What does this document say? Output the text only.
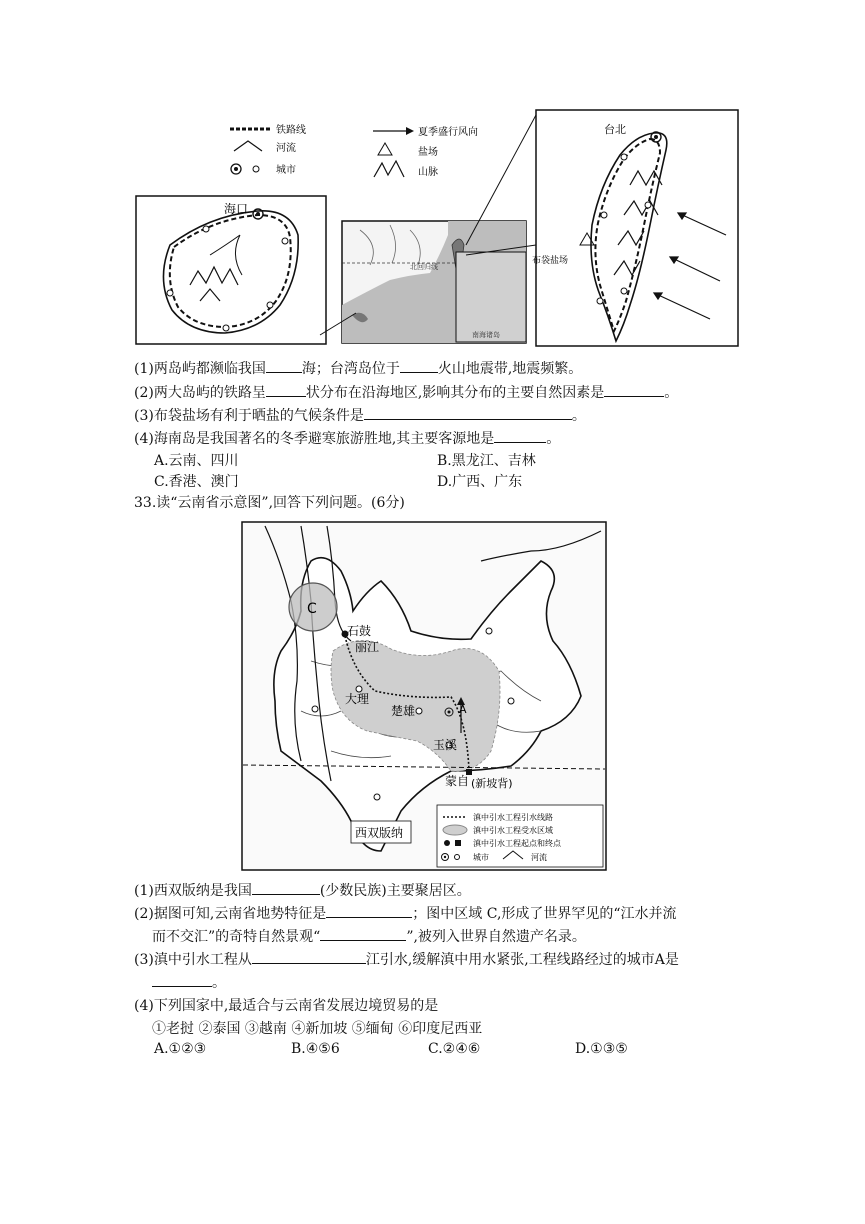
铁路线
河流
城市
夏季盛行风向
盐场
山脉
海口
北回归线
南海诸岛
台北
布袋盐场
(1)两岛屿都濒临我国	海；台湾岛位于	火山地震带,地震频繁。
(2)两大岛屿的铁路呈	状分布在沿海地区,影响其分布的主要自然因素是	。
(3)布袋盐场有利于晒盐的气候条件是	。
(4)海南岛是我国著名的冬季避寒旅游胜地,其主要客源地是	。
A.云南、四川	B.黑龙江、吉林
C.香港、澳门	D.广西、广东
33.读“云南省示意图”,回答下列问题。(6分)
C
石鼓
丽江
大理
楚雄	A
玉溪
蒙自 (新坡背)
滇中引水工程引水线路
滇中引水工程受水区域
滇中引水工程起点和终点
城市	河流
西双版纳
(1)西双版纳是我国	(少数民族)主要聚居区。
(2)据图可知,云南省地势特征是	；图中区域 C,形成了世界罕见的“江水并流
而不交汇”的奇特自然景观“	”,被列入世界自然遗产名录。
(3)滇中引水工程从	江引水,缓解滇中用水紧张,工程线路经过的城市A是
。
(4)下列国家中,最适合与云南省发展边境贸易的是
①老挝 ②泰国 ③越南 ④新加坡 ⑤缅甸 ⑥印度尼西亚
A.①②③	B.④⑤6	C.②④⑥	D.①③⑤
